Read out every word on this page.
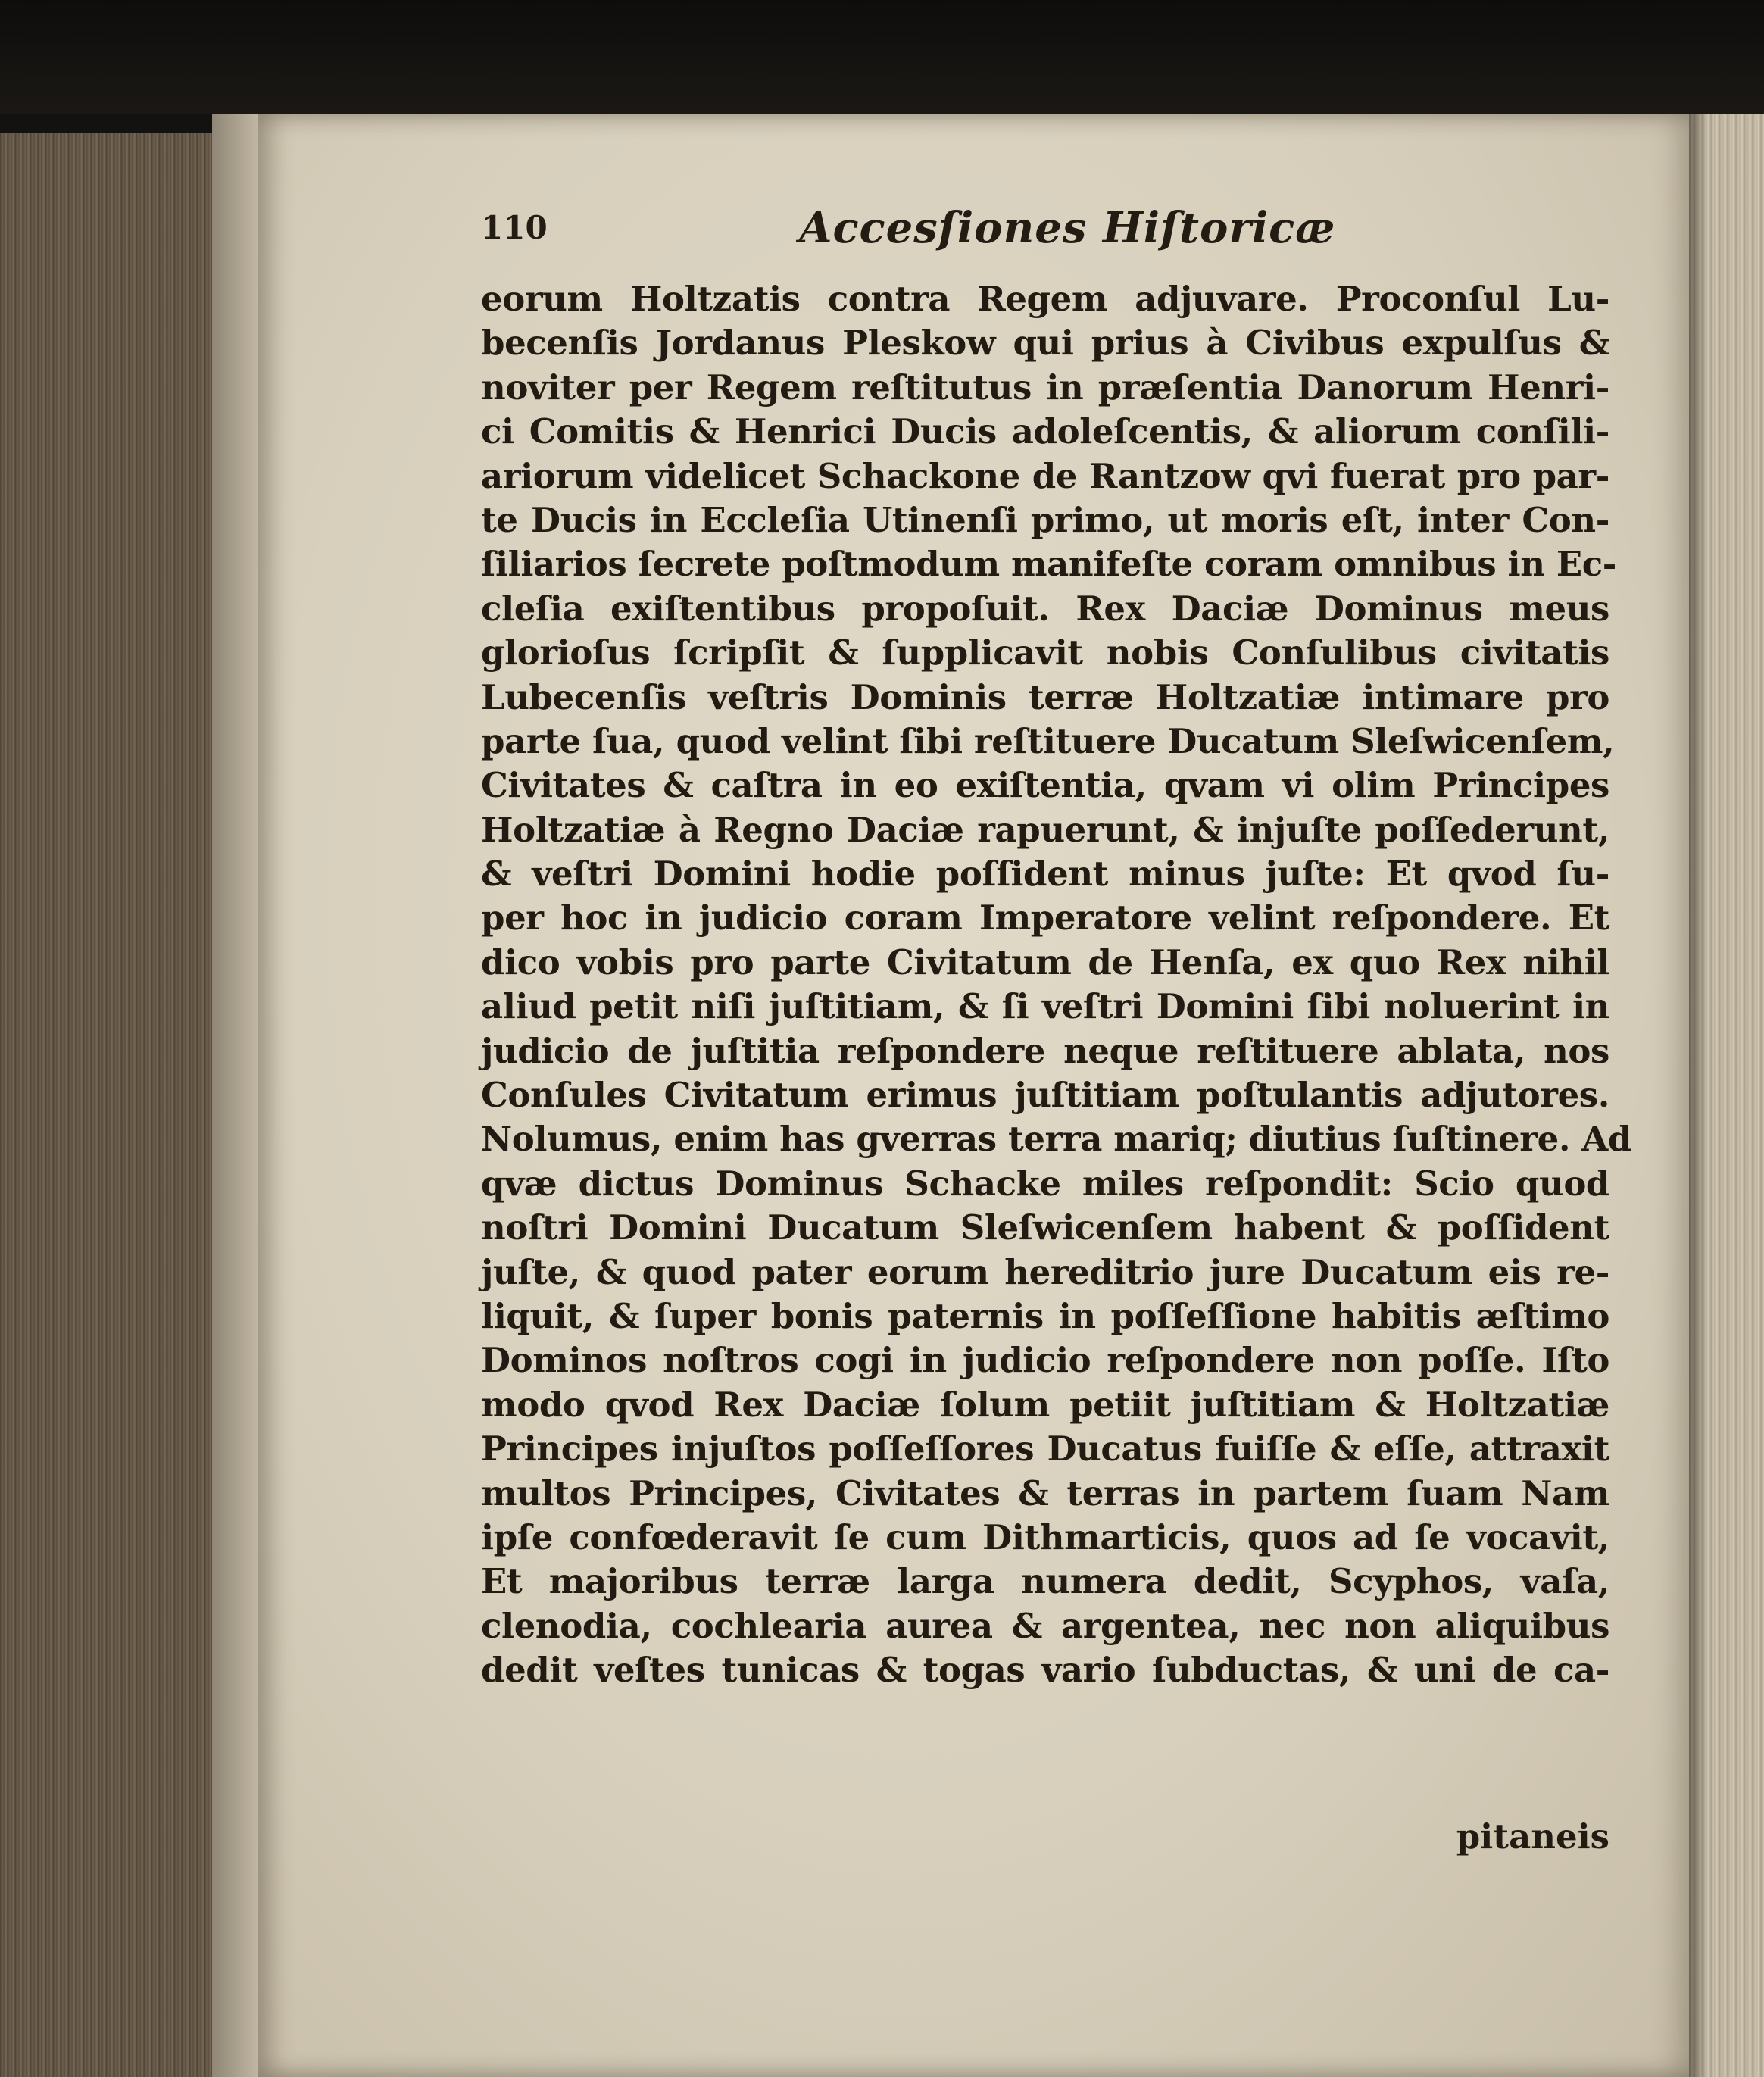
110	Accesſiones Hiſtoricæ
eorum Holtzatis contra Regem adjuvare. Proconſul Lu-
becenſis Jordanus Pleskow qui prius à Civibus expulſus &
noviter per Regem reſtitutus in præſentia Danorum Henri-
ci Comitis & Henrici Ducis adoleſcentis, & aliorum conſili-
ariorum videlicet Schackone de Rantzow qvi fuerat pro par-
te Ducis in Eccleſia Utinenſi primo, ut moris eſt, inter Con-
ſiliarios ſecrete poſtmodum manifeſte coram omnibus in Ec-
cleſia exiſtentibus propoſuit. Rex Daciæ Dominus meus
glorioſus ſcripſit & ſupplicavit nobis Conſulibus civitatis
Lubecenſis veſtris Dominis terræ Holtzatiæ intimare pro
parte ſua, quod velint ſibi reſtituere Ducatum Sleſwicenſem,
Civitates & caſtra in eo exiſtentia, qvam vi olim Principes
Holtzatiæ à Regno Daciæ rapuerunt, & injuſte poſſederunt,
& veſtri Domini hodie poſſident minus juſte: Et qvod ſu-
per hoc in judicio coram Imperatore velint reſpondere. Et
dico vobis pro parte Civitatum de Henſa, ex quo Rex nihil
aliud petit niſi juſtitiam, & ſi veſtri Domini ſibi noluerint in
judicio de juſtitia reſpondere neque reſtituere ablata, nos
Conſules Civitatum erimus juſtitiam poſtulantis adjutores.
Nolumus, enim has gverras terra mariq; diutius ſuſtinere. Ad
qvæ dictus Dominus Schacke miles reſpondit: Scio quod
noſtri Domini Ducatum Sleſwicenſem habent & poſſident
juſte, & quod pater eorum hereditrio jure Ducatum eis re-
liquit, & ſuper bonis paternis in poſſeſſione habitis æſtimo
Dominos noſtros cogi in judicio reſpondere non poſſe. Iſto
modo qvod Rex Daciæ ſolum petiit juſtitiam & Holtzatiæ
Principes injuſtos poſſeſſores Ducatus fuiſſe & eſſe, attraxit
multos Principes, Civitates & terras in partem ſuam Nam
ipſe confœderavit ſe cum Dithmarticis, quos ad ſe vocavit,
Et majoribus terræ larga numera dedit, Scyphos, vaſa,
clenodia, cochlearia aurea & argentea, nec non aliquibus
dedit veſtes tunicas & togas vario ſubductas, & uni de ca-
pitaneis
